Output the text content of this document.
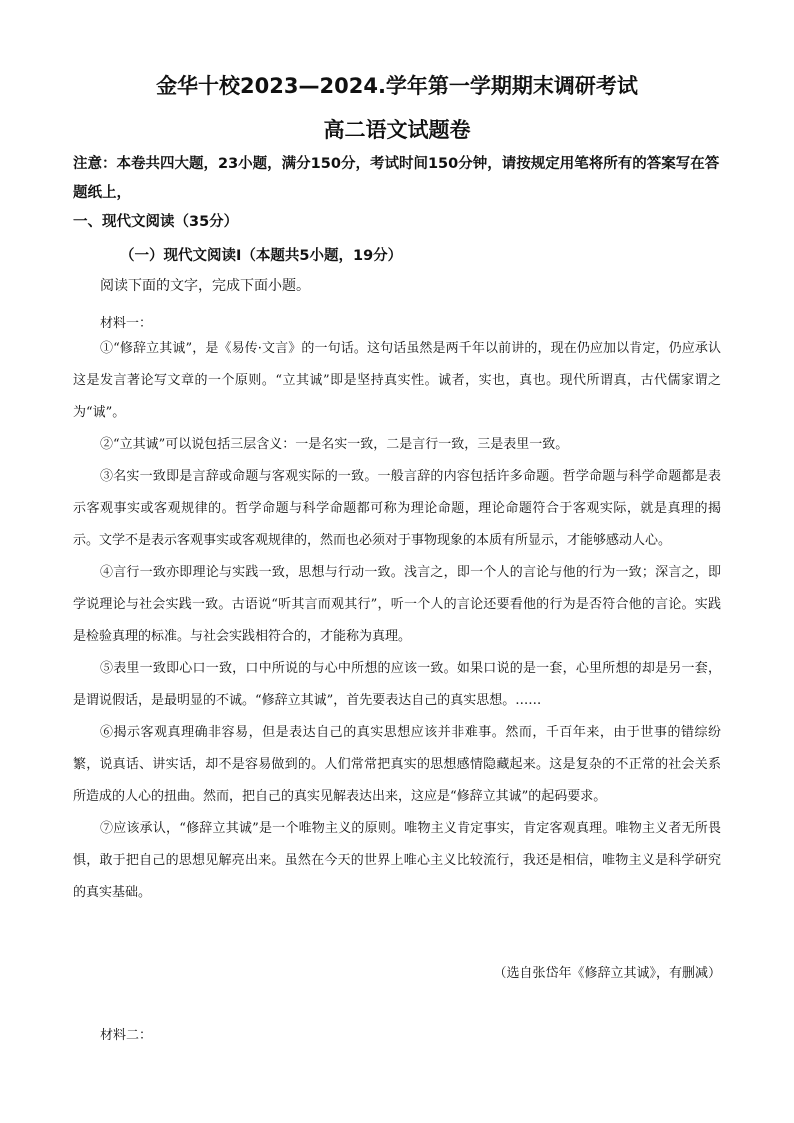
金华十校2023—2024.学年第一学期期末调研考试
高二语文试题卷
注意：本卷共四大题，23小题，满分150分，考试时间150分钟，请按规定用笔将所有的答案写在答题纸上，
一、现代文阅读（35分）
（一）现代文阅读Ⅰ（本题共5小题，19分）
阅读下面的文字，完成下面小题。
材料一：

①“修辞立其诚”，是《易传·文言》的一句话。这句话虽然是两千年以前讲的，现在仍应加以肯定，仍应承认这是发言著论写文章的一个原则。“立其诚”即是坚持真实性。诚者，实也，真也。现代所谓真，古代儒家谓之为“诚”。

②“立其诚”可以说包括三层含义：一是名实一致，二是言行一致，三是表里一致。

③名实一致即是言辞或命题与客观实际的一致。一般言辞的内容包括许多命题。哲学命题与科学命题都是表示客观事实或客观规律的。哲学命题与科学命题都可称为理论命题，理论命题符合于客观实际，就是真理的揭示。文学不是表示客观事实或客观规律的，然而也必须对于事物现象的本质有所显示，才能够感动人心。

④言行一致亦即理论与实践一致，思想与行动一致。浅言之，即一个人的言论与他的行为一致；深言之，即学说理论与社会实践一致。古语说“听其言而观其行”，听一个人的言论还要看他的行为是否符合他的言论。实践是检验真理的标准。与社会实践相符合的，才能称为真理。

⑤表里一致即心口一致，口中所说的与心中所想的应该一致。如果口说的是一套，心里所想的却是另一套，是谓说假话，是最明显的不诚。“修辞立其诚”，首先要表达自己的真实思想。……

⑥揭示客观真理确非容易，但是表达自己的真实思想应该并非难事。然而，千百年来，由于世事的错综纷繁，说真话、讲实话，却不是容易做到的。人们常常把真实的思想感情隐藏起来。这是复杂的不正常的社会关系所造成的人心的扭曲。然而，把自己的真实见解表达出来，这应是“修辞立其诚”的起码要求。

⑦应该承认，“修辞立其诚”是一个唯物主义的原则。唯物主义肯定事实，肯定客观真理。唯物主义者无所畏惧，敢于把自己的思想见解亮出来。虽然在今天的世界上唯心主义比较流行，我还是相信，唯物主义是科学研究的真实基础。

（选自张岱年《修辞立其诚》，有删减）
材料二：
